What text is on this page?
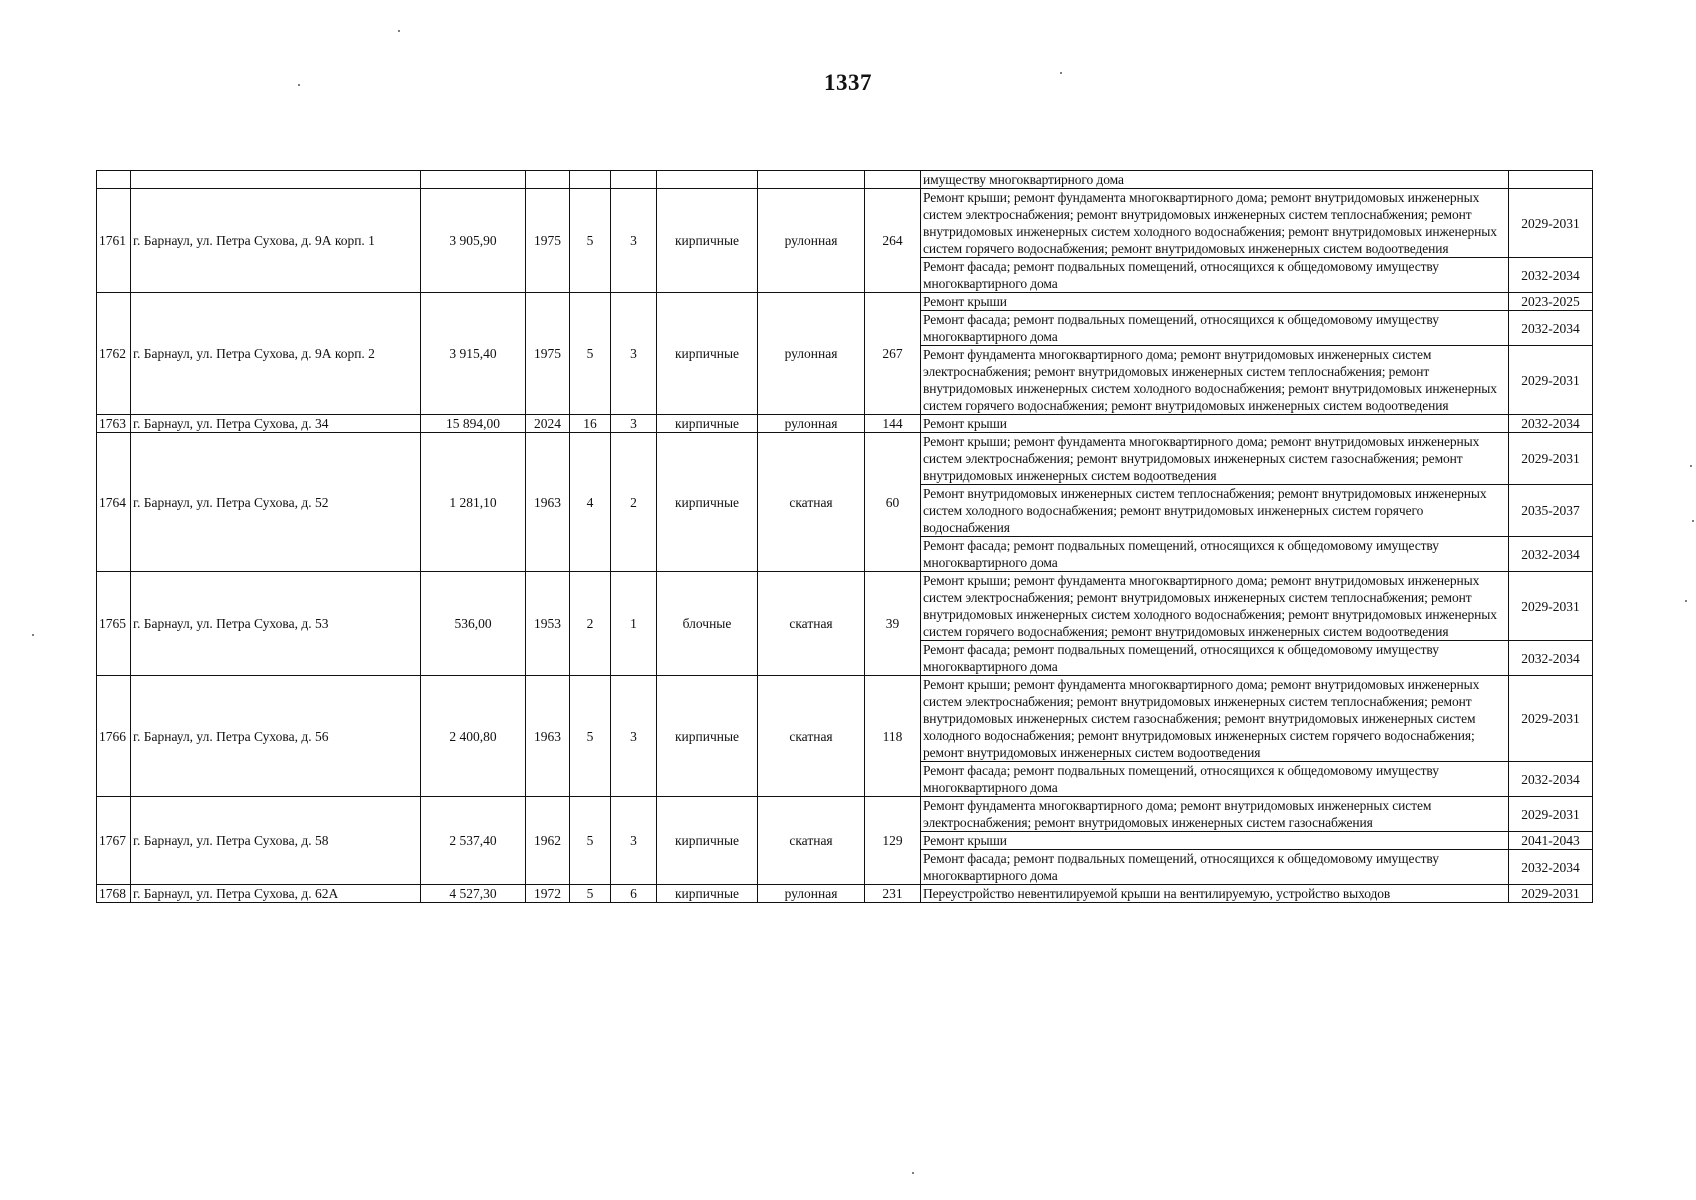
1337
									имуществу многоквартирного дома	
1761	г. Барнаул, ул. Петра Сухова, д. 9А корп. 1	3 905,90	1975	5	3	кирпичные	рулонная	264	Ремонт крыши; ремонт фундамента многоквартирного дома; ремонт внутридомовых инженерных систем электроснабжения; ремонт внутридомовых инженерных систем теплоснабжения; ремонт внутридомовых инженерных систем холодного водоснабжения; ремонт внутридомовых инженерных систем горячего водоснабжения; ремонт внутридомовых инженерных систем водоотведения	2029-2031
									Ремонт фасада; ремонт подвальных помещений, относящихся к общедомовому имуществу многоквартирного дома	2032-2034
1762	г. Барнаул, ул. Петра Сухова, д. 9А корп. 2	3 915,40	1975	5	3	кирпичные	рулонная	267	Ремонт крыши	2023-2025
									Ремонт фасада; ремонт подвальных помещений, относящихся к общедомовому имуществу многоквартирного дома	2032-2034
									Ремонт фундамента многоквартирного дома; ремонт внутридомовых инженерных систем электроснабжения; ремонт внутридомовых инженерных систем теплоснабжения; ремонт внутридомовых инженерных систем холодного водоснабжения; ремонт внутридомовых инженерных систем горячего водоснабжения; ремонт внутридомовых инженерных систем водоотведения	2029-2031
1763	г. Барнаул, ул. Петра Сухова, д. 34	15 894,00	2024	16	3	кирпичные	рулонная	144	Ремонт крыши	2032-2034
1764	г. Барнаул, ул. Петра Сухова, д. 52	1 281,10	1963	4	2	кирпичные	скатная	60	Ремонт крыши; ремонт фундамента многоквартирного дома; ремонт внутридомовых инженерных систем электроснабжения; ремонт внутридомовых инженерных систем газоснабжения; ремонт внутридомовых инженерных систем водоотведения	2029-2031
									Ремонт внутридомовых инженерных систем теплоснабжения; ремонт внутридомовых инженерных систем холодного водоснабжения; ремонт внутридомовых инженерных систем горячего водоснабжения	2035-2037
									Ремонт фасада; ремонт подвальных помещений, относящихся к общедомовому имуществу многоквартирного дома	2032-2034
1765	г. Барнаул, ул. Петра Сухова, д. 53	536,00	1953	2	1	блочные	скатная	39	Ремонт крыши; ремонт фундамента многоквартирного дома; ремонт внутридомовых инженерных систем электроснабжения; ремонт внутридомовых инженерных систем теплоснабжения; ремонт внутридомовых инженерных систем холодного водоснабжения; ремонт внутридомовых инженерных систем горячего водоснабжения; ремонт внутридомовых инженерных систем водоотведения	2029-2031
									Ремонт фасада; ремонт подвальных помещений, относящихся к общедомовому имуществу многоквартирного дома	2032-2034
1766	г. Барнаул, ул. Петра Сухова, д. 56	2 400,80	1963	5	3	кирпичные	скатная	118	Ремонт крыши; ремонт фундамента многоквартирного дома; ремонт внутридомовых инженерных систем электроснабжения; ремонт внутридомовых инженерных систем теплоснабжения; ремонт внутридомовых инженерных систем газоснабжения; ремонт внутридомовых инженерных систем холодного водоснабжения; ремонт внутридомовых инженерных систем горячего водоснабжения; ремонт внутридомовых инженерных систем водоотведения	2029-2031
									Ремонт фасада; ремонт подвальных помещений, относящихся к общедомовому имуществу многоквартирного дома	2032-2034
1767	г. Барнаул, ул. Петра Сухова, д. 58	2 537,40	1962	5	3	кирпичные	скатная	129	Ремонт фундамента многоквартирного дома; ремонт внутридомовых инженерных систем электроснабжения; ремонт внутридомовых инженерных систем газоснабжения	2029-2031
									Ремонт крыши	2041-2043
									Ремонт фасада; ремонт подвальных помещений, относящихся к общедомовому имуществу многоквартирного дома	2032-2034
1768	г. Барнаул, ул. Петра Сухова, д. 62А	4 527,30	1972	5	6	кирпичные	рулонная	231	Переустройство невентилируемой крыши на вентилируемую, устройство выходов	2029-2031
